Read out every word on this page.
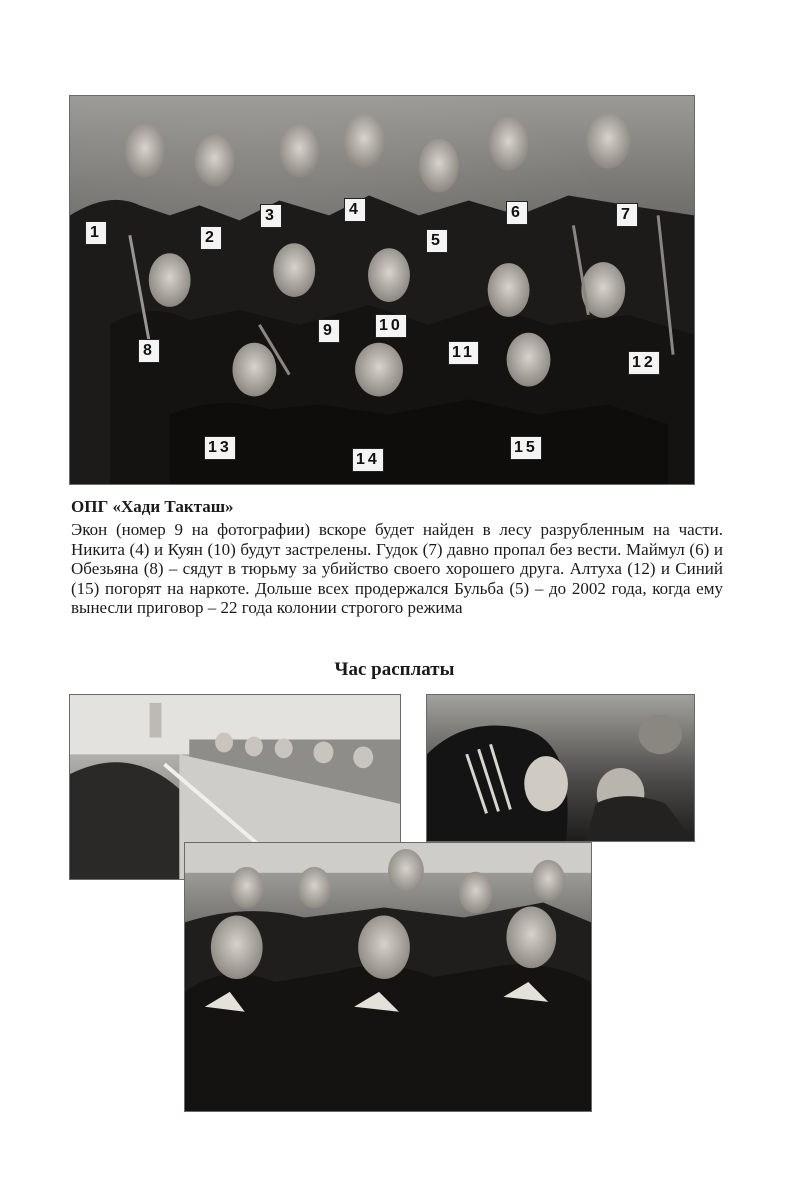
1	2
3	4
5
6	7
8
9	10
11
12
13
14
15
ОПГ «Хади Такташ»

Экон (номер 9 на фотографии) вскоре будет найден в лесу разрубленным на части. Никита (4) и Куян (10) будут застрелены. Гудок (7) давно пропал без вести. Маймул (6) и Обезьяна (8) – сядут в тюрьму за убийство своего хорошего друга. Алтуха (12) и Синий (15) погорят на наркоте. Дольше всех продержался Бульба (5) – до 2002 года, когда ему вынесли приговор – 22 года колонии строгого режима

Час расплаты
